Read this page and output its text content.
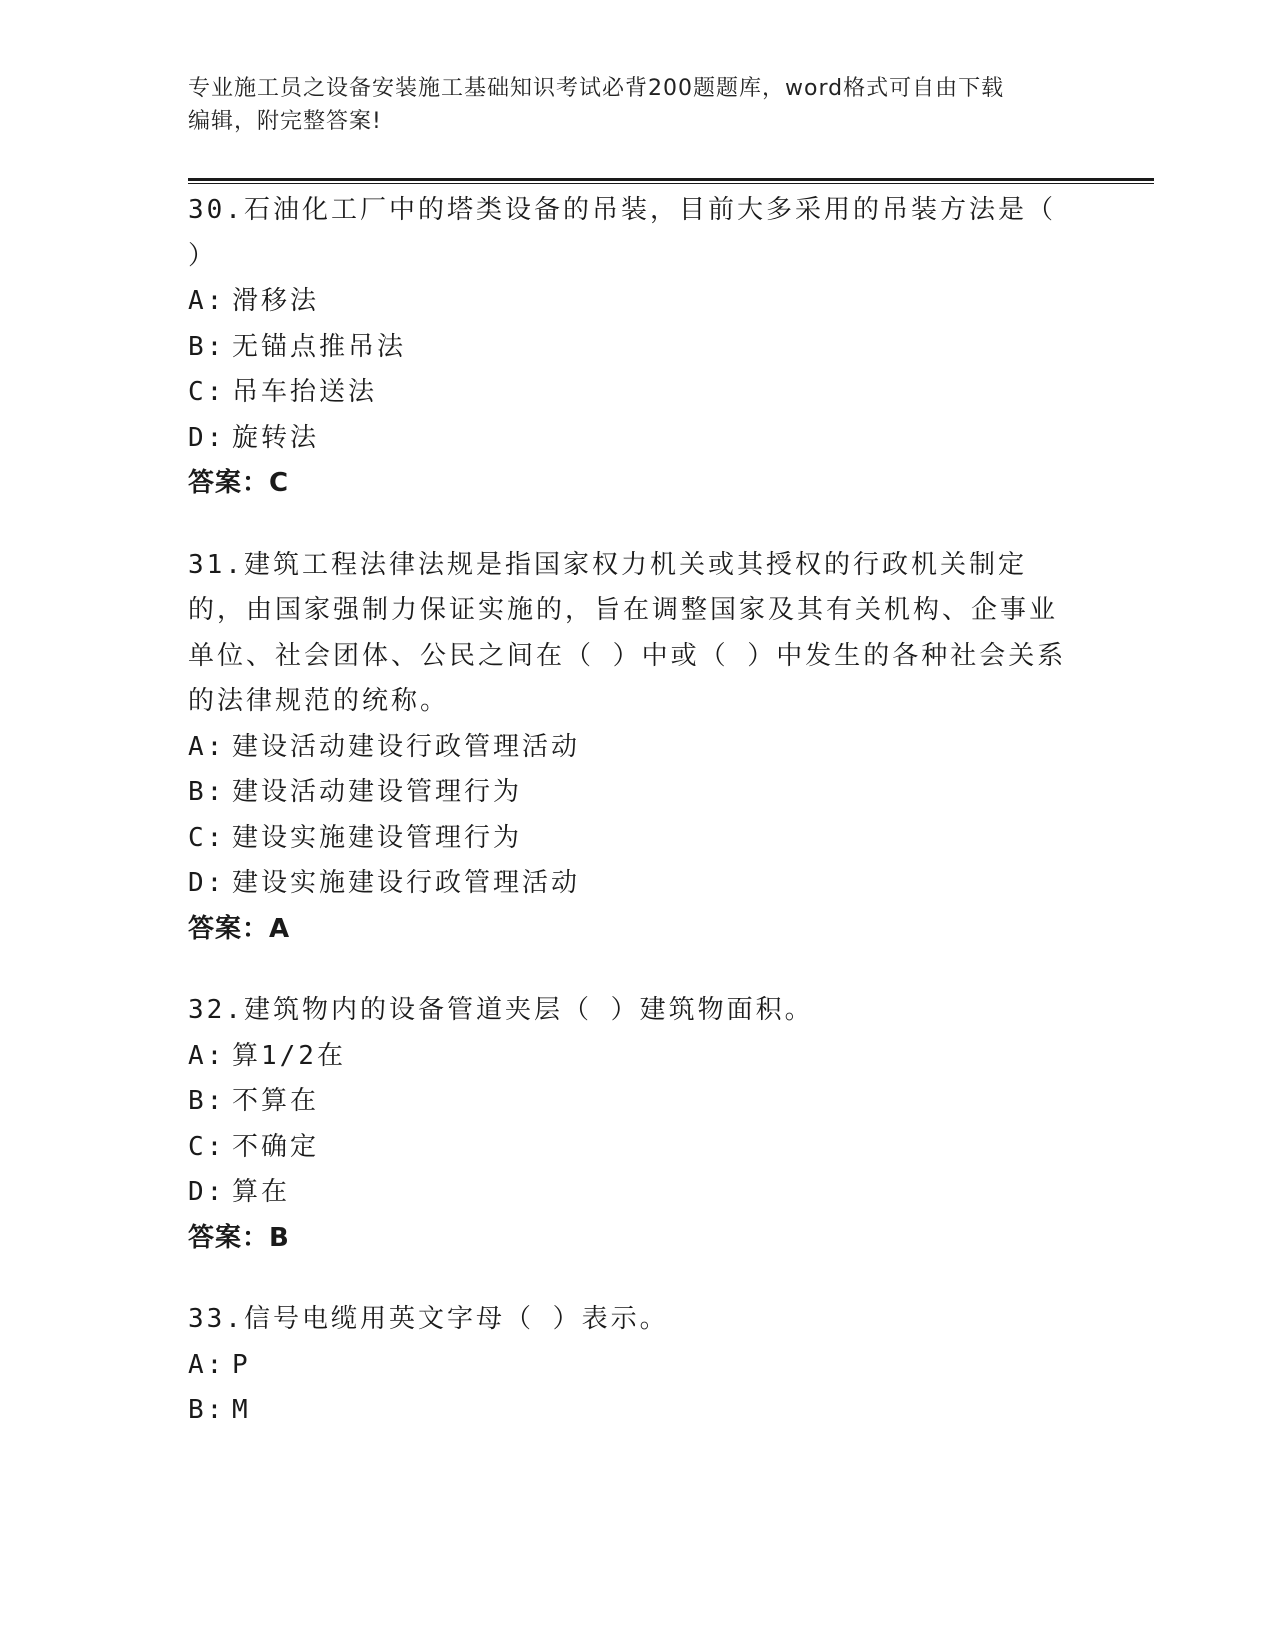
专业施工员之设备安装施工基础知识考试必背200题题库，word格式可自由下载
编辑，附完整答案!

30.石油化工厂中的塔类设备的吊装，目前大多采用的吊装方法是（ ）

A: 滑移法

B: 无锚点推吊法

C: 吊车抬送法

D: 旋转法

答案：C

31.建筑工程法律法规是指国家权力机关或其授权的行政机关制定的，由国家强制力保证实施的，旨在调整国家及其有关机构、企事业单位、社会团体、公民之间在（ ）中或（ ）中发生的各种社会关系的法律规范的统称。

A: 建设活动建设行政管理活动

B: 建设活动建设管理行为

C: 建设实施建设管理行为

D: 建设实施建设行政管理活动

答案：A

32.建筑物内的设备管道夹层（ ）建筑物面积。

A: 算1/2在

B: 不算在

C: 不确定

D: 算在

答案：B

33.信号电缆用英文字母（ ）表示。

A: P

B: M
